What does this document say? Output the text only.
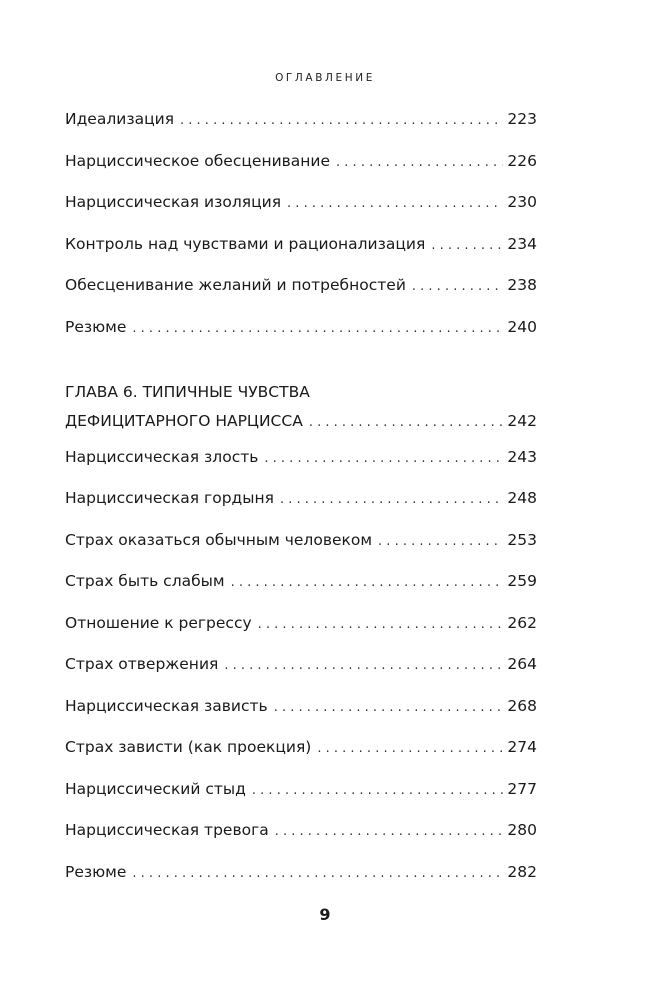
ОГЛАВЛЕНИЕ
Идеализация . . .	223
Нарциссическое обесценивание . . .	226
Нарциссическая изоляция . . .	230
Контроль над чувствами и рационализация . . .	234
Обесценивание желаний и потребностей . . .	238
Резюме . . .	240
ГЛАВА 6. ТИПИЧНЫЕ ЧУВСТВА
ДЕФИЦИТАРНОГО НАРЦИССА . . .	242
Нарциссическая злость . . .	243
Нарциссическая гордыня . . .	248
Страх оказаться обычным человеком . . .	253
Страх быть слабым . . .	259
Отношение к регрессу . . .	262
Страх отвержения . . .	264
Нарциссическая зависть . . .	268
Страх зависти (как проекция) . . .	274
Нарциссический стыд . . .	277
Нарциссическая тревога . . .	280
Резюме . . .	282
9
